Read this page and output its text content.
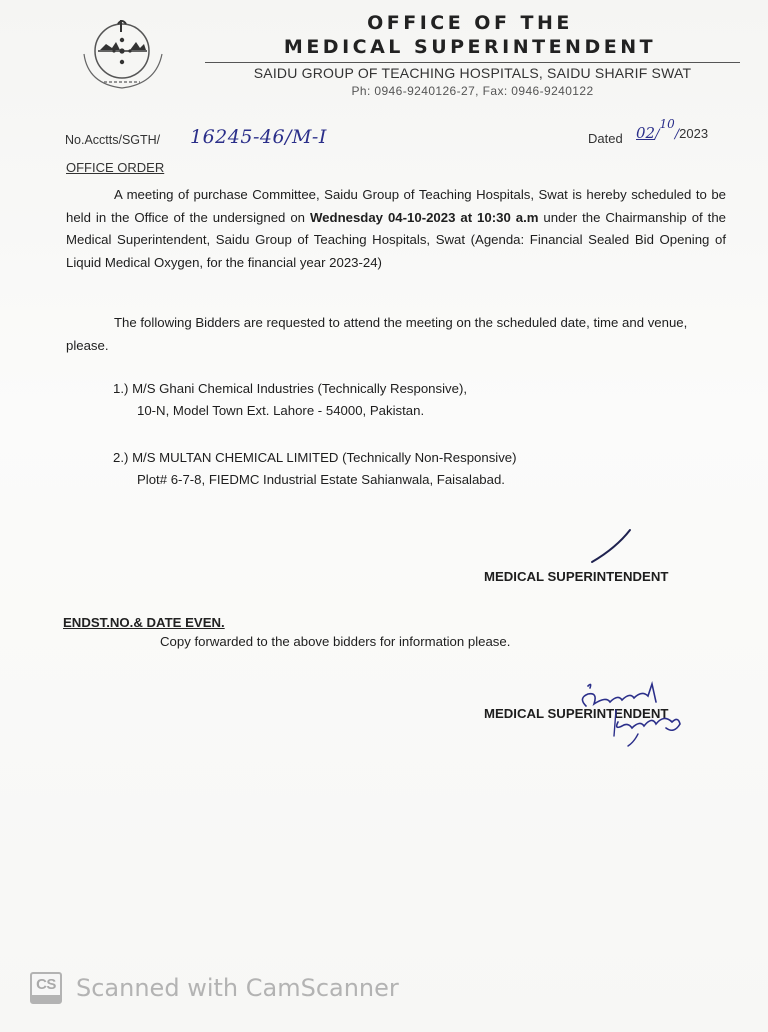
OFFICE OF THE
MEDICAL SUPERINTENDENT
SAIDU GROUP OF TEACHING HOSPITALS, SAIDU SHARIF SWAT
Ph: 0946-9240126-27, Fax: 0946-9240122
No.Acctts/SGTH/ 16245-46/M-I	Dated 02/10/2023
OFFICE ORDER
A meeting of purchase Committee, Saidu Group of Teaching Hospitals, Swat is hereby scheduled to be held in the Office of the undersigned on Wednesday 04-10-2023 at 10:30 a.m under the Chairmanship of the Medical Superintendent, Saidu Group of Teaching Hospitals, Swat (Agenda: Financial Sealed Bid Opening of Liquid Medical Oxygen, for the financial year 2023-24)
The following Bidders are requested to attend the meeting on the scheduled date, time and venue, please.
1.) M/S Ghani Chemical Industries (Technically Responsive),
10-N, Model Town Ext. Lahore - 54000, Pakistan.
2.) M/S MULTAN CHEMICAL LIMITED (Technically Non-Responsive)
Plot# 6-7-8, FIEDMC Industrial Estate Sahianwala, Faisalabad.
MEDICAL SUPERINTENDENT
ENDST.NO.& DATE EVEN.
Copy forwarded to the above bidders for information please.
MEDICAL SUPERINTENDENT
CS Scanned with CamScanner
